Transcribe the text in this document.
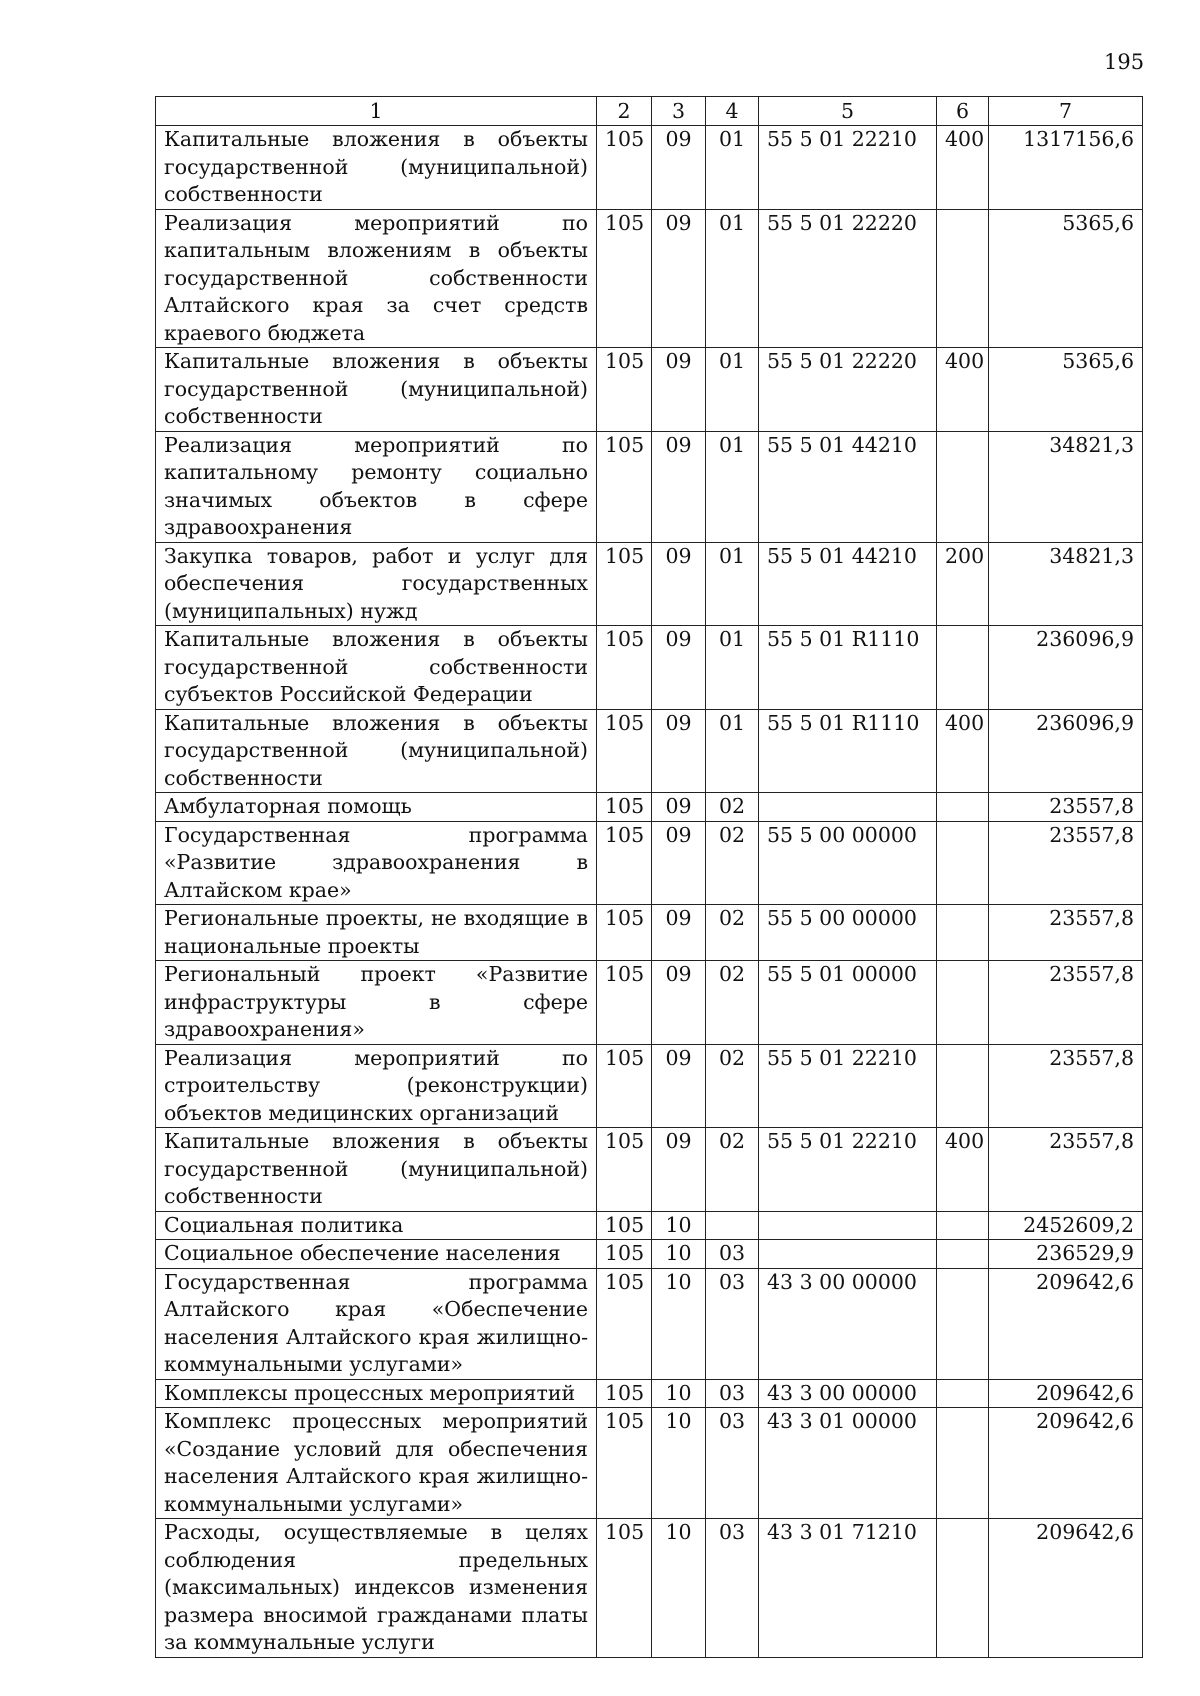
195
1	2	3	4	5	6	7
Капитальные вложения в объекты государственной (муниципальной) собственности	105	09	01	55 5 01 22210	400	1317156,6
Реализация мероприятий по капитальным вложениям в объекты государственной собственности Алтайского края за счет средств краевого бюджета	105	09	01	55 5 01 22220		5365,6
Капитальные вложения в объекты государственной (муниципальной) собственности	105	09	01	55 5 01 22220	400	5365,6
Реализация мероприятий по капитальному ремонту социально значимых объектов в сфере здравоохранения	105	09	01	55 5 01 44210		34821,3
Закупка товаров, работ и услуг для обеспечения государственных (муниципальных) нужд	105	09	01	55 5 01 44210	200	34821,3
Капитальные вложения в объекты государственной собственности субъектов Российской Федерации	105	09	01	55 5 01 R1110		236096,9
Капитальные вложения в объекты государственной (муниципальной) собственности	105	09	01	55 5 01 R1110	400	236096,9
Амбулаторная помощь	105	09	02			23557,8
Государственная программа «Развитие здравоохранения в Алтайском крае»	105	09	02	55 5 00 00000		23557,8
Региональные проекты, не входящие в национальные проекты	105	09	02	55 5 00 00000		23557,8
Региональный проект «Развитие инфраструктуры в сфере здравоохранения»	105	09	02	55 5 01 00000		23557,8
Реализация мероприятий по строительству (реконструкции) объектов медицинских организаций	105	09	02	55 5 01 22210		23557,8
Капитальные вложения в объекты государственной (муниципальной) собственности	105	09	02	55 5 01 22210	400	23557,8
Социальная политика	105	10				2452609,2
Социальное обеспечение населения	105	10	03			236529,9
Государственная программа Алтайского края «Обеспечение населения Алтайского края жилищно-коммунальными услугами»	105	10	03	43 3 00 00000		209642,6
Комплексы процессных мероприятий	105	10	03	43 3 00 00000		209642,6
Комплекс процессных мероприятий «Создание условий для обеспечения населения Алтайского края жилищно-коммунальными услугами»	105	10	03	43 3 01 00000		209642,6
Расходы, осуществляемые в целях соблюдения предельных (максимальных) индексов изменения размера вносимой гражданами платы за коммунальные услуги	105	10	03	43 3 01 71210		209642,6
